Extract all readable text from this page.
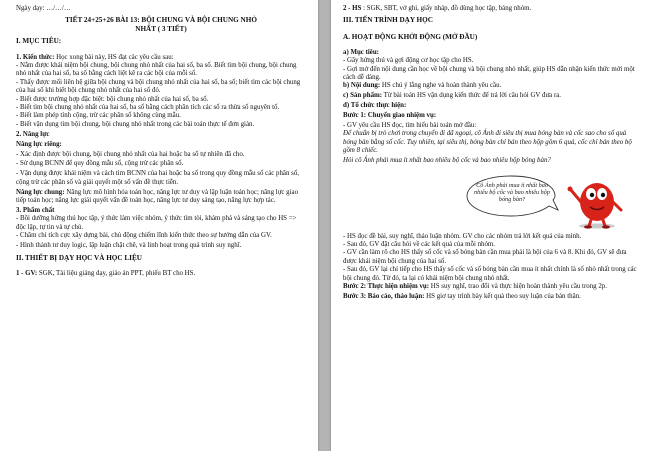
Ngày dạy: …/…/…

TIẾT 24+25+26 BÀI 13: BỘI CHUNG VÀ BỘI CHUNG NHỎ
NHẤT ( 3 TIẾT)

I. MỤC TIÊU:

1. Kiến thức: Học xong bài này, HS đạt các yêu cầu sau:

- Nắm được khái niệm bội chung, bội chung nhỏ nhất của hai số, ba số. Biết tìm bội chung, bội chung nhỏ nhất của hai số, ba số bằng cách liệt kê ra các bội của mỗi số.

- Thấy được mối liên hệ giữa bội chung và bội chung nhỏ nhất của hai số, ba số; biết tìm các bội chung của hai số khi biết bội chung nhỏ nhất của hai số đó.

- Biết được trường hợp đặc biệt: bội chung nhỏ nhất của hai số, ba số.

- Biết tìm bội chung nhỏ nhất của hai số, ba số bằng cách phân tích các số ra thừa số nguyên tố.

- Biết làm phép tính cộng, trừ các phân số không cùng mẫu.

- Biết vận dụng tìm bội chung, bội chung nhỏ nhất trong các bài toán thực tế đơn giản.

2. Năng lực

Năng lực riêng:

- Xác định được bội chung, bội chung nhỏ nhất của hai hoặc ba số tự nhiên đã cho.

- Sử dụng BCNN để quy đồng mẫu số, cộng trừ các phân số.

- Vận dụng được khái niệm và cách tìm BCNN của hai hoặc ba số trong quy đồng mẫu số các phân số, cộng trừ các phân số và giải quyết một số vấn đề thực tiễn.

Năng lực chung: Năng lực mô hình hóa toán học, năng lực tư duy và lập luận toán học; năng lực giao tiếp toán học; năng lực giải quyết vấn đề toán học, năng lực tư duy sáng tạo, năng lực hợp tác.

3. Phẩm chất

- Bồi dưỡng hứng thú học tập, ý thức làm việc nhóm, ý thức tìm tòi, khám phá và sáng tạo cho HS => độc lập, tự tin và tự chủ.

- Chăm chỉ tích cực xây dựng bài, chủ động chiếm lĩnh kiến thức theo sự hướng dẫn của GV.

- Hình thành tư duy logic, lập luận chặt chẽ, và linh hoạt trong quá trình suy nghĩ.

II. THIẾT BỊ DẠY HỌC VÀ HỌC LIỆU

1 - GV: SGK, Tài liệu giảng dạy, giáo án PPT, phiếu BT cho HS.

2 - HS : SGK, SBT, vở ghi, giấy nháp, đồ dùng học tập, bảng nhóm.

III. TIẾN TRÌNH DẠY HỌC

A. HOẠT ĐỘNG KHỞI ĐỘNG (MỞ ĐẦU)

a) Mục tiêu:

- Gây hứng thú và gợi động cơ học tập cho HS.

- Gợi mở đến nội dung cần học về bội chung và bội chung nhỏ nhất, giúp HS dẫn nhận kiến thức mới một cách dễ dàng.

b) Nội dung: HS chú ý lắng nghe và hoàn thành yêu cầu.

c) Sản phẩm: Từ bài toán HS vận dụng kiến thức để trả lời câu hỏi GV đưa ra.

d) Tổ chức thực hiện:

Bước 1: Chuyển giao nhiệm vụ:

- GV yêu cầu HS đọc, tìm hiểu bài toán mở đầu:

Để chuẩn bị trò chơi trong chuyến đi dã ngoại, cô Ánh đi siêu thị mua bóng bàn và cốc sao cho số quả bóng bàn bằng số cốc. Tuy nhiên, tại siêu thị, bóng bàn chỉ bán theo hộp gồm 6 quả, cốc chỉ bán theo bộ gồm 8 chiếc.

Hỏi cô Ánh phải mua ít nhất bao nhiêu bộ cốc và bao nhiêu hộp bóng bàn?

Cô Ánh phải mua ít nhất bao nhiêu bộ cốc và bao nhiêu hộp bóng bàn?

- HS đọc đề bài, suy nghĩ, thảo luận nhóm. GV cho các nhóm trả lời kết quả của mình.

- Sau đó, GV đặt câu hỏi về các kết quả của mỗi nhóm.

- GV cần làm rõ cho HS thấy số cốc và số bóng bàn cần mua phải là bội của 6 và 8. Khi đó, GV sẽ đưa được khái niệm bội chung của hai số.

- Sau đó, GV lại chỉ tiếp cho HS thấy số cốc và số bóng bàn cần mua ít nhất chính là số nhỏ nhất trong các bội chung đó. Từ đó, ta lại có khái niệm bội chung nhỏ nhất.

Bước 2: Thực hiện nhiệm vụ: HS suy nghĩ, trao đổi và thực hiện hoàn thành yêu cầu trong 2p.

Bước 3: Báo cáo, thảo luận: HS giơ tay trình bày kết quả theo suy luận của bản thân.
